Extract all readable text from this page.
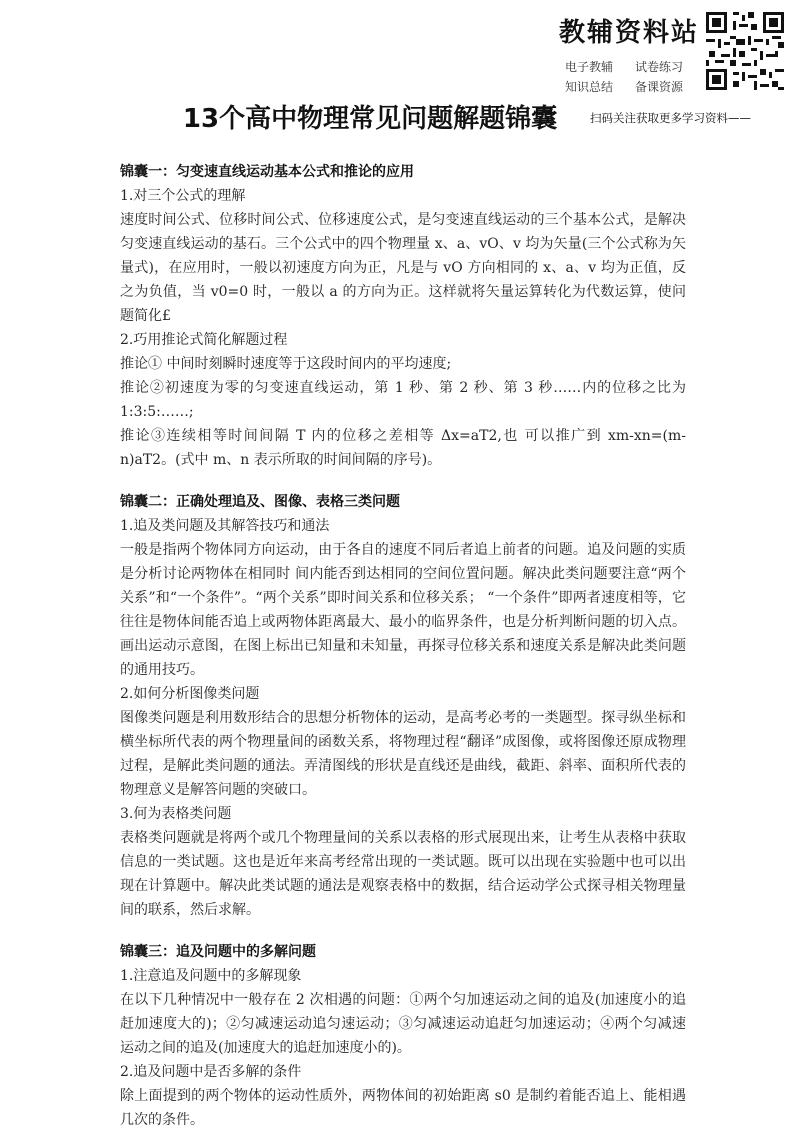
教辅资料站
电子教辅 试卷练习
知识总结 备课资源
13个高中物理常见问题解题锦囊	扫码关注获取更多学习资料——

锦囊一：匀变速直线运动基本公式和推论的应用

1.对三个公式的理解

速度时间公式、位移时间公式、位移速度公式，是匀变速直线运动的三个基本公式，是解决匀变速直线运动的基石。三个公式中的四个物理量 x、a、vO、v 均为矢量(三个公式称为矢量式)，在应用时，一般以初速度方向为正，凡是与 vO 方向相同的 x、a、v 均为正值，反之为负值，当 v0=0 时，一般以 a 的方向为正。这样就将矢量运算转化为代数运算，使问题简化£

2.巧用推论式简化解题过程

推论① 中间时刻瞬时速度等于这段时间内的平均速度;

推论②初速度为零的匀变速直线运动，第 1 秒、第 2 秒、第 3 秒……内的位移之比为 1:3:5:……;

推论③连续相等时间间隔 T 内的位移之差相等 Δx=aT2,也 可以推广到 xm-xn=(m-n)aT2。(式中 m、n 表示所取的时间间隔的序号)。

锦囊二：正确处理追及、图像、表格三类问题

1.追及类问题及其解答技巧和通法

一般是指两个物体同方向运动，由于各自的速度不同后者追上前者的问题。追及问题的实质是分析讨论两物体在相同时 间内能否到达相同的空间位置问题。解决此类问题要注意“两个关系”和“一个条件”。“两个关系”即时间关系和位移关系； “一个条件”即两者速度相等，它往往是物体间能否追上或两物体距离最大、最小的临界条件，也是分析判断问题的切入点。画出运动示意图，在图上标出已知量和未知量，再探寻位移关系和速度关系是解决此类问题的通用技巧。

2.如何分析图像类问题

图像类问题是利用数形结合的思想分析物体的运动，是高考必考的一类题型。探寻纵坐标和横坐标所代表的两个物理量间的函数关系，将物理过程“翻译”成图像，或将图像还原成物理过程，是解此类问题的通法。弄清图线的形状是直线还是曲线，截距、斜率、面积所代表的物理意义是解答问题的突破口。

3.何为表格类问题

表格类问题就是将两个或几个物理量间的关系以表格的形式展现出来，让考生从表格中获取信息的一类试题。这也是近年来高考经常出现的一类试题。既可以出现在实验题中也可以出现在计算题中。解决此类试题的通法是观察表格中的数据，结合运动学公式探寻相关物理量间的联系，然后求解。

锦囊三：追及问题中的多解问题

1.注意追及问题中的多解现象

在以下几种情况中一般存在 2 次相遇的问题：①两个匀加速运动之间的追及(加速度小的追赶加速度大的)；②匀减速运动追匀速运动；③匀减速运动追赶匀加速运动；④两个匀减速 运动之间的追及(加速度大的追赶加速度小的)。

2.追及问题中是否多解的条件

除上面提到的两个物体的运动性质外，两物体间的初始距离 s0 是制约着能否追上、能相遇几次的条件。
